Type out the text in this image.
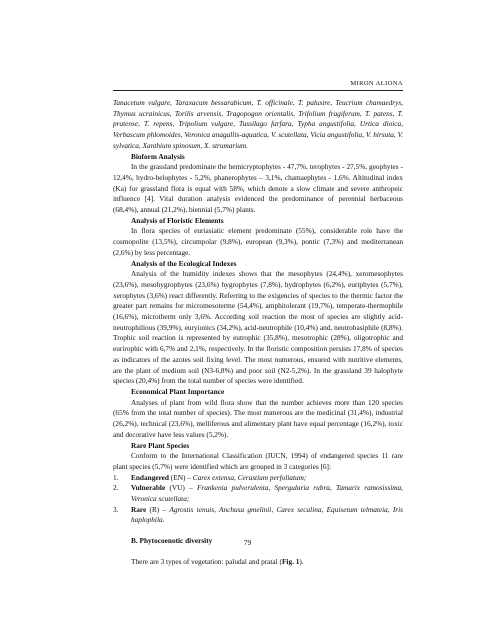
MIRON ALIONA

Tanacetum vulgare, Taraxacum bessarabicum, T. officinale, T. palustre, Teucrium chamaedrys, Thymus ucrainicus, Torilis arvensis, Tragopogon orientalis, Trifolium fragiferum, T. patens, T. pratense, T. repens, Tripolium vulgare, Tussilago farfara, Typha angustifolia, Urtica dioica, Verbascum phlomoides, Veronica anagallis-aquatica, V. scutellata, Vicia angustifolia, V. hirsuta, V. sylvatica, Xanthium spinosum, X. strumarium.

Bioform Analysis

In the grassland predominate the hemicryptophytes - 47,7%, terophytes - 27,5%, geophytes - 12,4%, hydro-helophytes - 5,2%, phanerophytes – 3,1%, chamaephytes - 1,6%. Altitudinal index (Ka) for grassland flora is equal with 58%, which denote a slow climate and severe anthropeic influence [4]. Vital duration analysis evidenced the predominance of perennial herbaceous (68,4%), annual (21,2%), biennial (5,7%) plants.

Analysis of Floristic Elements

In flora species of euriasiatic element predominate (55%), considerable role have the cosmopolite (13,5%), circumpolar (9,8%), european (9,3%), pontic (7,3%) and mediterranean (2,6%) by less percentage.

Analysis of the Ecological Indexes

Analysis of the humidity indexes shows that the mesophytes (24,4%), xeromesophytes (23,6%), mesohygrophytes (23,6%) hygrophytes (7,8%), hydrophytes (6,2%), euriphytes (5,7%), xerophytes (3,6%) react differently. Referring to the exigencies of species to the thermic factor the greater part remains for micromesoterme (54,4%), amphitolerant (19,7%), temperate-thermophile (16,6%), microtherm only 3,6%. According soil reaction the most of species are slightly acid-neutrophilious (39,9%), euryionics (34,2%), acid-neutrophile (10,4%) and, neutrobasiphile (8,8%). Trophic soil reaction is represented by eutrophic (35,8%), mesotrophic (28%), oligotrophic and eurirophic with 6,7% and 2,1%, respectively. In the floristic composition persists 17,8% of species as indicators of the azotes soil fixing level. The most numerous, ensured with nutritive elements, are the plant of medium soil (N3-6,8%) and poor soil (N2-5,2%). In the grassland 39 halophyte species (20,4%) from the total number of species were identified.

Economical Plant Importance

Analyses of plant from wild flora show that the number achieves more than 120 species (65% from the total number of species). The most numerous are the medicinal (31,4%), industrial (26,2%), technical (23,6%), melliferous and alimentary plant have equal percentage (16,2%), toxic and decorative have less values (5,2%).

Rare Plant Species

Conform to the International Classification (IUCN, 1994) of endangered species 11 rare plant species (5,7%) were identified which are grouped in 3 categories [6]:

1. Endangered (EN) – Carex extensa, Cerastium perfoliatum;
2. Vulnerable (VU) – Frankenia pulverulenta, Spergularia rubra, Tamarix ramosissima, Veronica scutellata;
3. Rare (R) – Agrostis tenuis, Anchusa gmelinii, Carex secalina, Equisetum telmateia, Iris haplophila.

B. Phytocoenotic diversity

There are 3 types of vegetation: paludal and pratal (Fig. 1).

79
